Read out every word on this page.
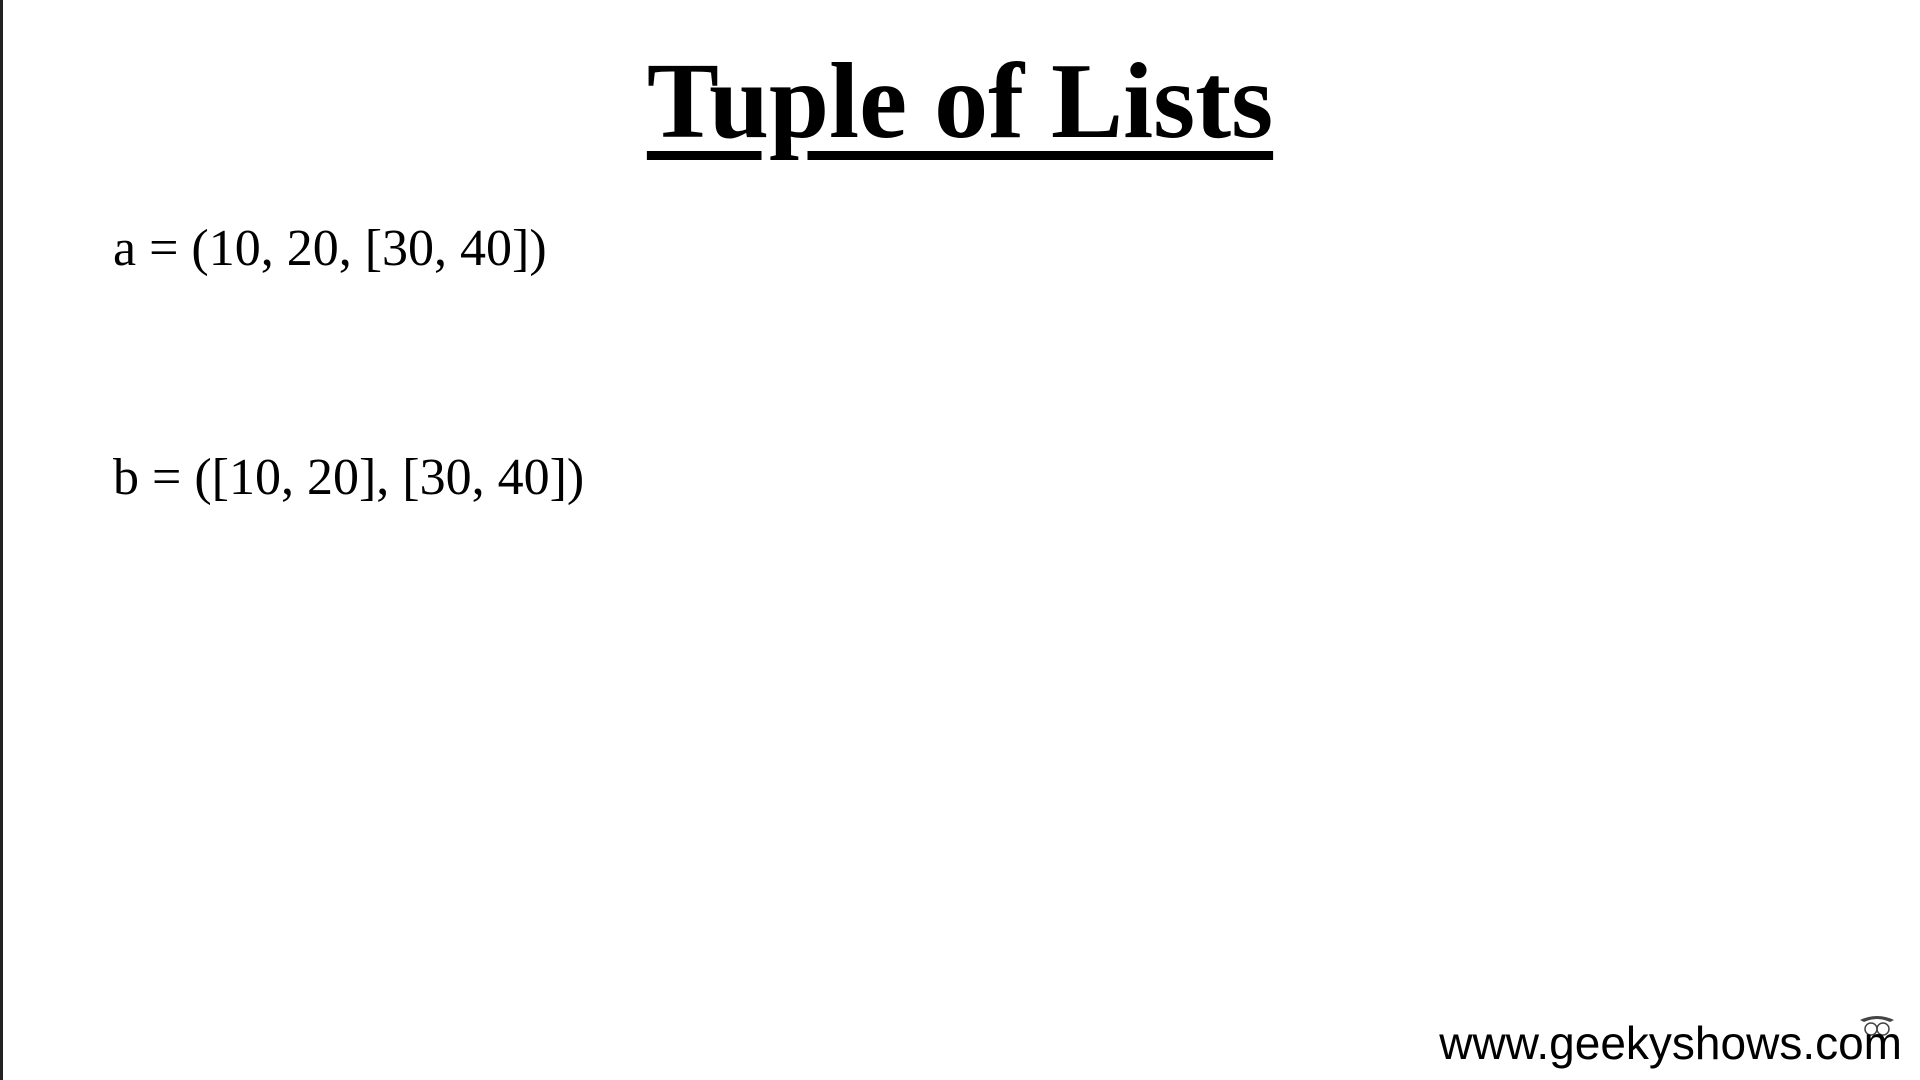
Tuple of Lists
a = (10, 20, [30, 40])
b = ([10, 20], [30, 40])
www.geekyshows.com
